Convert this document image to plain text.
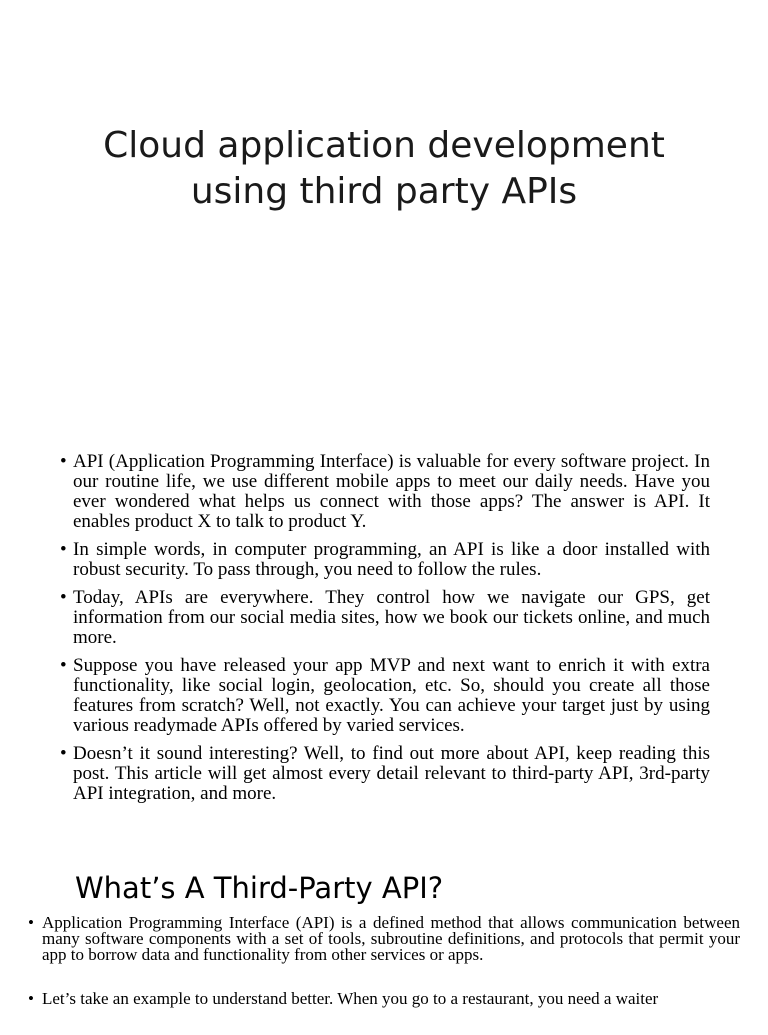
Cloud application development
using third party APIs
• API (Application Programming Interface) is valuable for every software project. In our routine life, we use different mobile apps to meet our daily needs. Have you ever wondered what helps us connect with those apps? The answer is API. It enables product X to talk to product Y.
• In simple words, in computer programming, an API is like a door installed with robust security. To pass through, you need to follow the rules.
• Today, APIs are everywhere. They control how we navigate our GPS, get information from our social media sites, how we book our tickets online, and much more.
• Suppose you have released your app MVP and next want to enrich it with extra functionality, like social login, geolocation, etc. So, should you create all those features from scratch? Well, not exactly. You can achieve your target just by using various readymade APIs offered by varied services.
• Doesn’t it sound interesting? Well, to find out more about API, keep reading this post. This article will get almost every detail relevant to third-party API, 3rd-party API integration, and more.
What’s A Third-Party API?
• Application Programming Interface (API) is a defined method that allows communication between many software components with a set of tools, subroutine definitions, and protocols that permit your app to borrow data and functionality from other services or apps.
• Let’s take an example to understand better. When you go to a restaurant, you need a waiter
